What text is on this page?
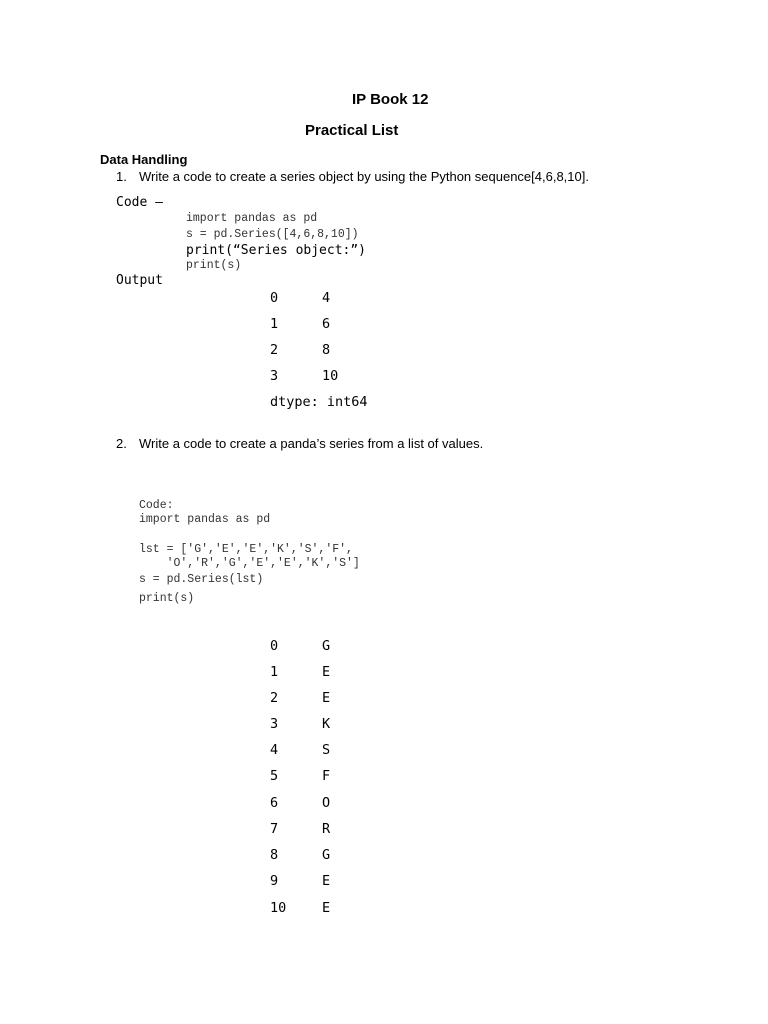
IP Book 12
Practical List
Data Handling
1. Write a code to create a series object by using the Python sequence[4,6,8,10].
Code –
import pandas as pd
s = pd.Series([4,6,8,10])
print(“Series object:”)
print(s)
Output
0	4
1	6
2	8
3	10
dtype: int64
2. Write a code to create a panda’s series from a list of values.
Code:
import pandas as pd
lst = ['G','E','E','K','S','F',
'O','R','G','E','E','K','S']
s = pd.Series(lst)
print(s)
0	G
1	E
2	E
3	K
4	S
5	F
6	O
7	R
8	G
9	E
10	E
